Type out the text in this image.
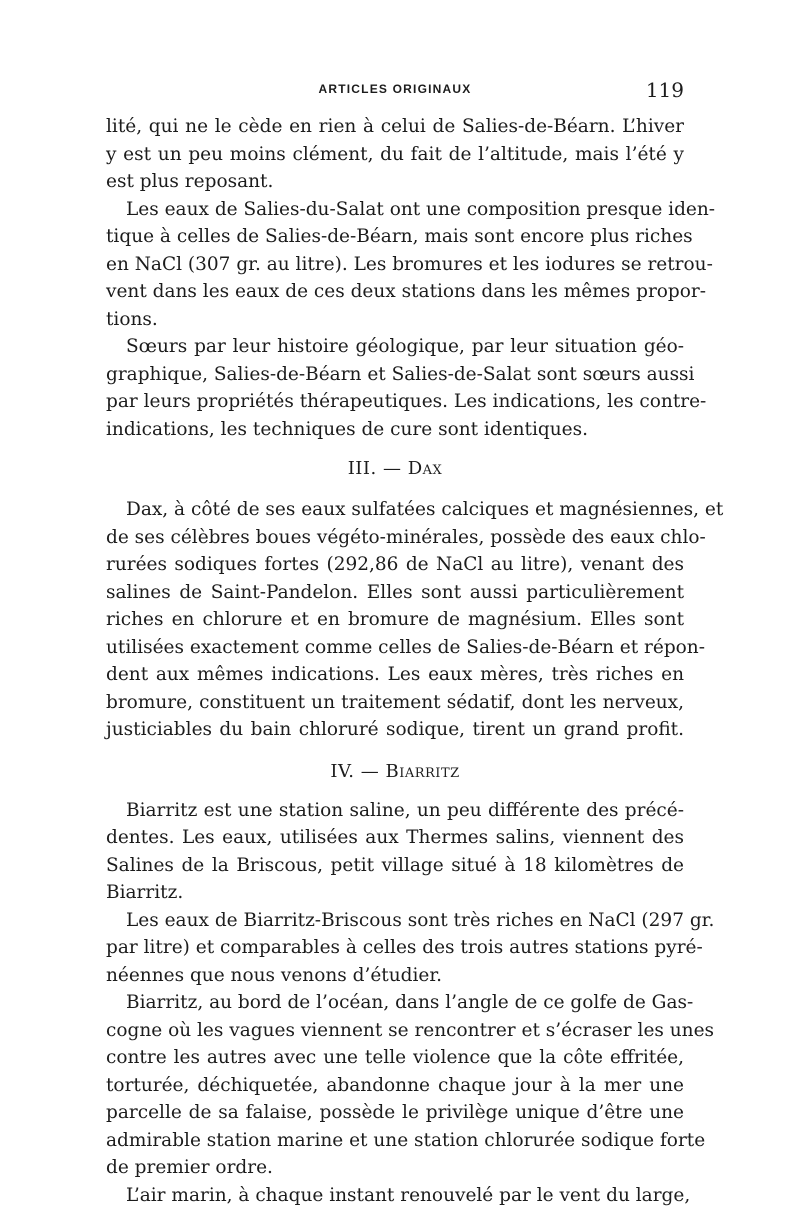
ARTICLES ORIGINAUX	119
lité, qui ne le cède en rien à celui de Salies-de-Béarn. L’hiver
y est un peu moins clément, du fait de l’altitude, mais l’été y
est plus reposant.
Les eaux de Salies-du-Salat ont une composition presque iden-
tique à celles de Salies-de-Béarn, mais sont encore plus riches
en NaCl (307 gr. au litre). Les bromures et les iodures se retrou-
vent dans les eaux de ces deux stations dans les mêmes propor-
tions.
Sœurs par leur histoire géologique, par leur situation géo-
graphique, Salies-de-Béarn et Salies-de-Salat sont sœurs aussi
par leurs propriétés thérapeutiques. Les indications, les contre-
indications, les techniques de cure sont identiques.
III. — Dax
Dax, à côté de ses eaux sulfatées calciques et magnésiennes, et
de ses célèbres boues végéto-minérales, possède des eaux chlo-
rurées sodiques fortes (292,86 de NaCl au litre), venant des
salines de Saint-Pandelon. Elles sont aussi particulièrement
riches en chlorure et en bromure de magnésium. Elles sont
utilisées exactement comme celles de Salies-de-Béarn et répon-
dent aux mêmes indications. Les eaux mères, très riches en
bromure, constituent un traitement sédatif, dont les nerveux,
justiciables du bain chloruré sodique, tirent un grand profit.
IV. — Biarritz
Biarritz est une station saline, un peu différente des précé-
dentes. Les eaux, utilisées aux Thermes salins, viennent des
Salines de la Briscous, petit village situé à 18 kilomètres de
Biarritz.
Les eaux de Biarritz-Briscous sont très riches en NaCl (297 gr.
par litre) et comparables à celles des trois autres stations pyré-
néennes que nous venons d’étudier.
Biarritz, au bord de l’océan, dans l’angle de ce golfe de Gas-
cogne où les vagues viennent se rencontrer et s’écraser les unes
contre les autres avec une telle violence que la côte effritée,
torturée, déchiquetée, abandonne chaque jour à la mer une
parcelle de sa falaise, possède le privilège unique d’être une
admirable station marine et une station chlorurée sodique forte
de premier ordre.
L’air marin, à chaque instant renouvelé par le vent du large,
